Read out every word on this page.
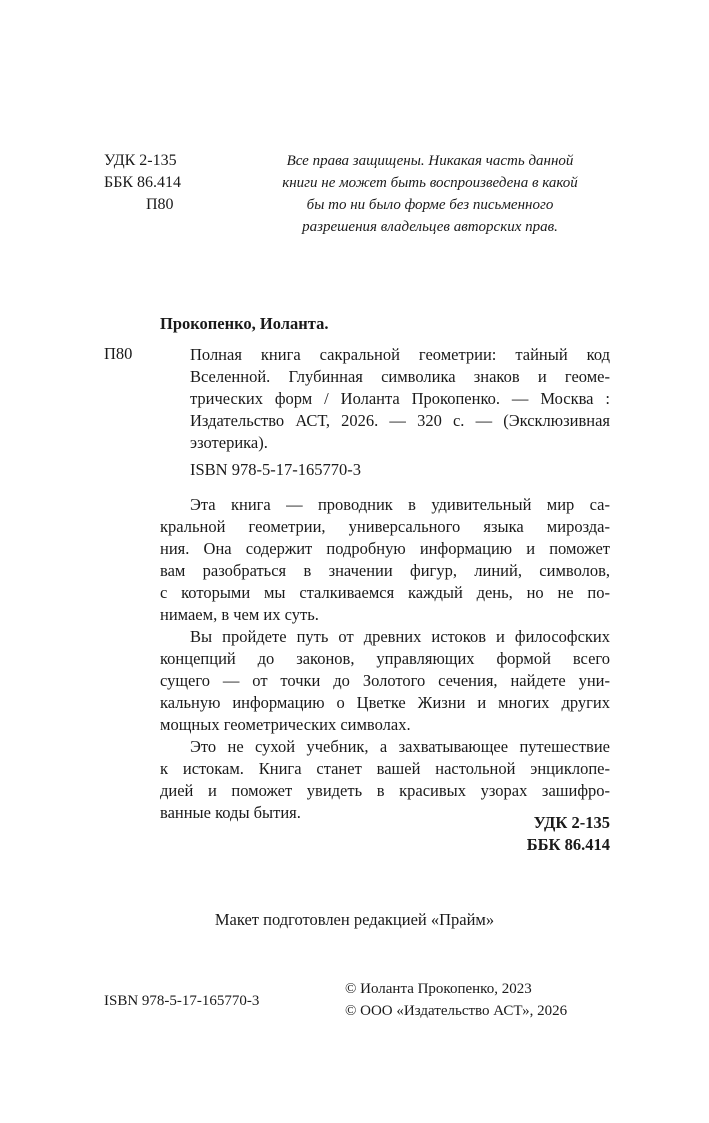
УДК 2-135
ББК 86.414
П80
Все права защищены. Никакая часть данной
книги не может быть воспроизведена в какой
бы то ни было форме без письменного
разрешения владельцев авторских прав.
Прокопенко, Иоланта.
П80	Полная книга сакральной геометрии: тайный код
Вселенной. Глубинная символика знаков и геоме-
трических форм / Иоланта Прокопенко. — Москва :
Издательство АСТ, 2026. — 320 с. — (Эксклюзивная
эзотерика).
ISBN 978-5-17-165770-3
Эта книга — проводник в удивительный мир са-
кральной геометрии, универсального языка мирозда-
ния. Она содержит подробную информацию и поможет
вам разобраться в значении фигур, линий, символов,
с которыми мы сталкиваемся каждый день, но не по-
нимаем, в чем их суть.
Вы пройдете путь от древних истоков и философских
концепций до законов, управляющих формой всего
сущего — от точки до Золотого сечения, найдете уни-
кальную информацию о Цветке Жизни и многих других
мощных геометрических символах.
Это не сухой учебник, а захватывающее путешествие
к истокам. Книга станет вашей настольной энциклопе-
дией и поможет увидеть в красивых узорах зашифро-
ванные коды бытия.
УДК 2-135
ББК 86.414
Макет подготовлен редакцией «Прайм»
ISBN 978-5-17-165770-3
© Иоланта Прокопенко, 2023
© ООО «Издательство АСТ», 2026
